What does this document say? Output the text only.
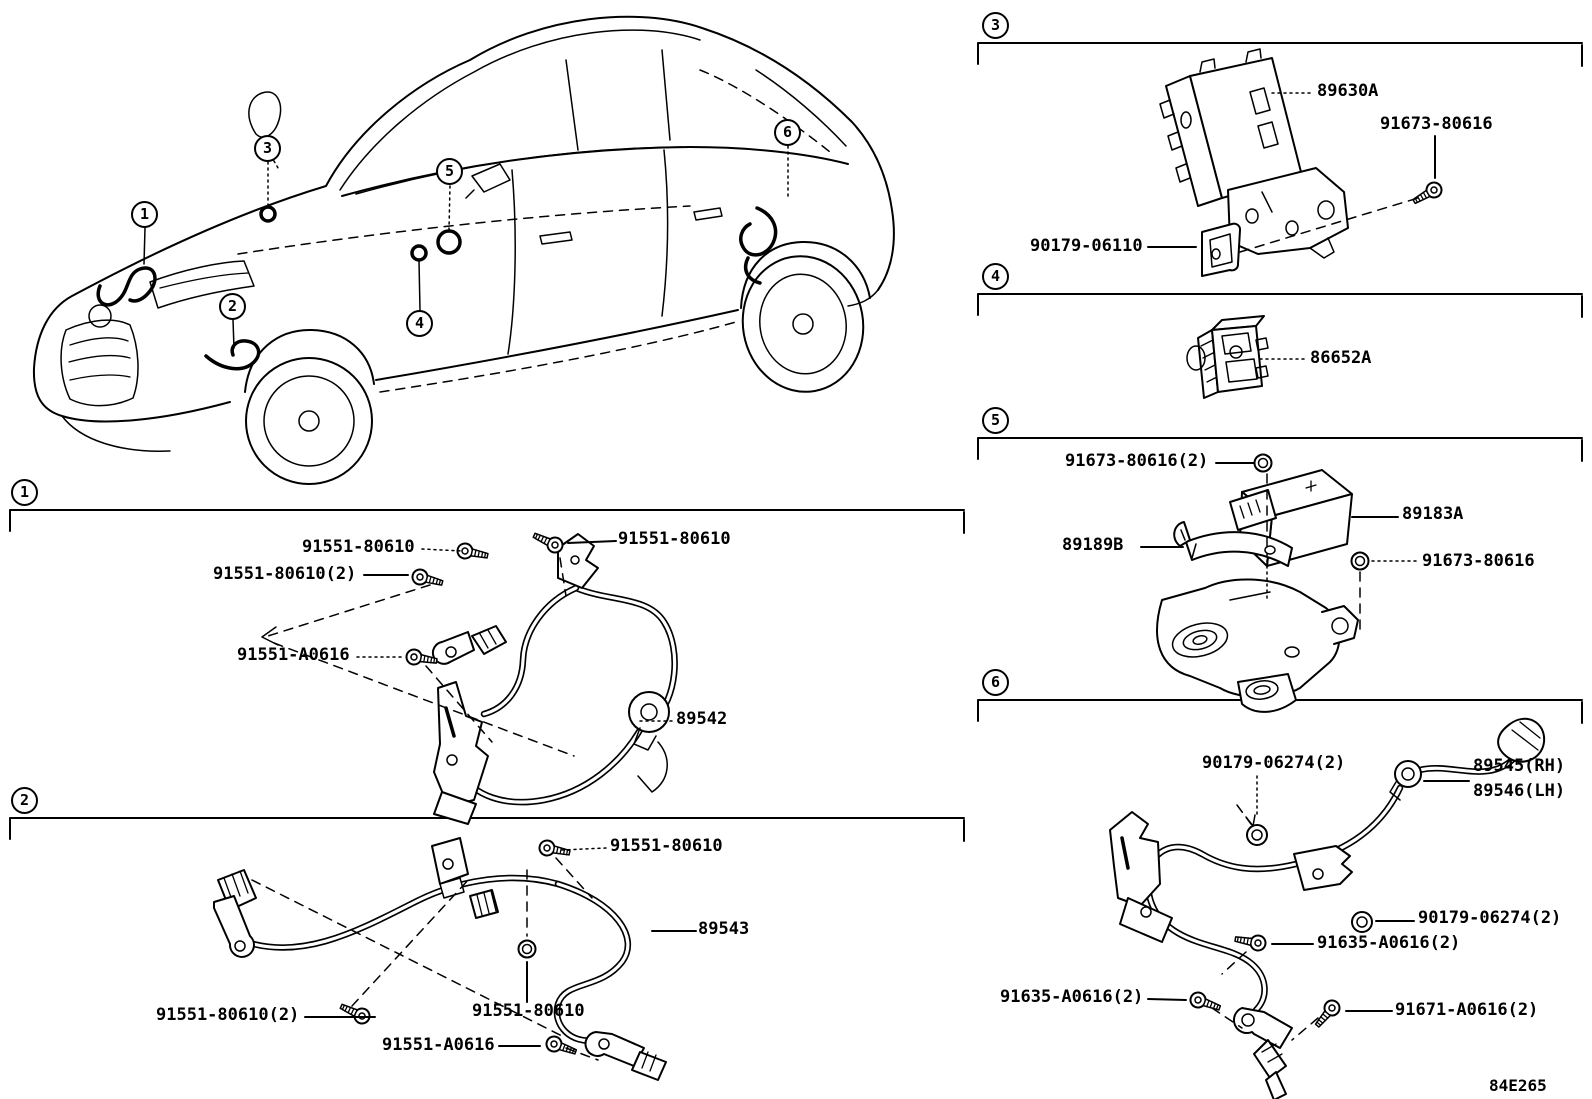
1
2
3
4
5
6
1
2
3
4
5
6
91551-80610	91551-80610
91551-80610(2)
91551-A0616
89542
91551-80610
89543
91551-80610
91551-80610(2)
91551-A0616
89630A
91673-80616
90179-06110
86652A
91673-80616(2)
89183A
89189B
91673-80616
90179-06274(2)	89545(RH)
89546(LH)
90179-06274(2)
91635-A0616(2)
91635-A0616(2)
91671-A0616(2)
84E265
